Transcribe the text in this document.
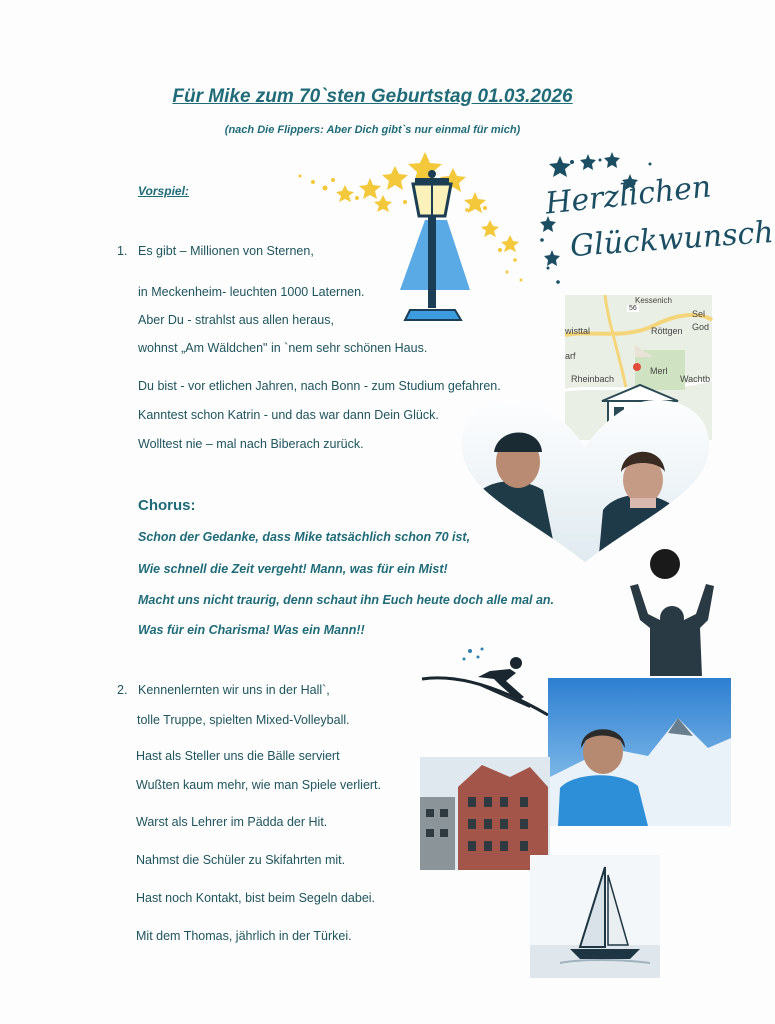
Für Mike zum 70`sten Geburtstag 01.03.2026
(nach Die Flippers: Aber Dich gibt`s nur einmal für mich)
Vorspiel:	Herzlichen
Glückwunsch
Kessenich
56
Sel
God
wisttal	Röttgen
arf
Merl
Rheinbach	Wachtb
1. Es gibt – Millionen von Sternen,
in Meckenheim- leuchten 1000 Laternen.
Aber Du - strahlst aus allen heraus,
wohnst „Am Wäldchen" in `nem sehr schönen Haus.
Du bist - vor etlichen Jahren, nach Bonn - zum Studium gefahren.
Kanntest schon Katrin - und das war dann Dein Glück.
Wolltest nie – mal nach Biberach zurück.
Chorus:
Schon der Gedanke, dass Mike tatsächlich schon 70 ist,
Wie schnell die Zeit vergeht! Mann, was für ein Mist!
Macht uns nicht traurig, denn schaut ihn Euch heute doch alle mal an.
Was für ein Charisma! Was ein Mann!!
2. Kennenlernten wir uns in der Hall`,
tolle Truppe, spielten Mixed-Volleyball.
Hast als Steller uns die Bälle serviert
Wußten kaum mehr, wie man Spiele verliert.
Warst als Lehrer im Pädda der Hit.
Nahmst die Schüler zu Skifahrten mit.
Hast noch Kontakt, bist beim Segeln dabei.
Mit dem Thomas, jährlich in der Türkei.
